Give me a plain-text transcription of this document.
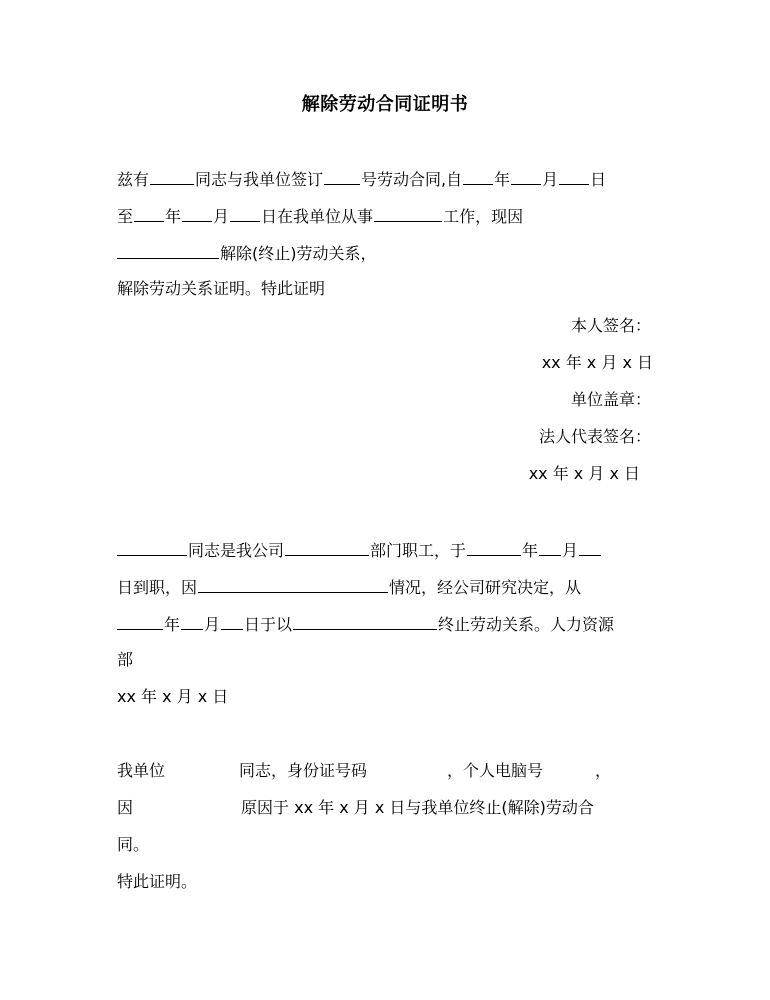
解除劳动合同证明书
兹有	同志与我单位签订 号劳动合同,自 年 月 日
至 年 月 日在我单位从事	工作，现因
解除(终止)劳动关系，
解除劳动关系证明。特此证明
本人签名：
xx 年 x 月 x 日
单位盖章：
法人代表签名：
xx 年 x 月 x 日
同志是我公司	部门职工，于	年 月
日到职，因	情况，经公司研究决定，从
年 月 日于以	终止劳动关系。人力资源
部
xx 年 x 月 x 日
我单位	同志，身份证号码	，个人电脑号	，
因	原因于 xx 年 x 月 x 日与我单位终止(解除)劳动合
同。
特此证明。
